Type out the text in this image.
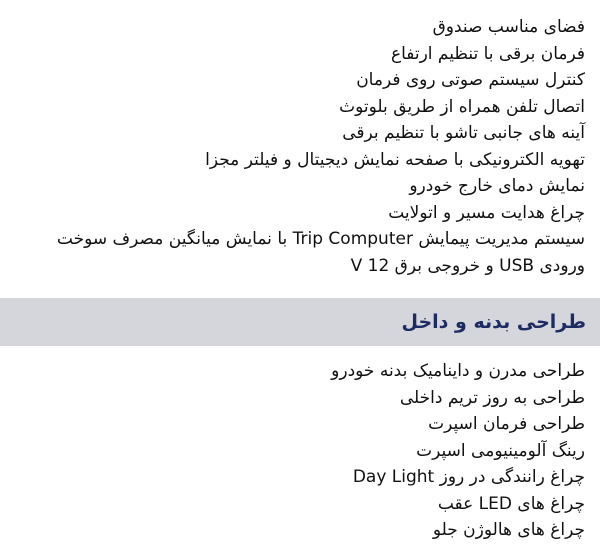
فضای مناسب صندوق
فرمان برقی با تنظیم ارتفاع
کنترل سیستم صوتی روی فرمان
اتصال تلفن همراه از طریق بلوتوث
آینه های جانبی تاشو با تنظیم برقی
تهویه الکترونیکی با صفحه نمایش دیجیتال و فیلتر مجزا
نمایش دمای خارج خودرو
چراغ هدایت مسیر و اتولایت
سیستم مدیریت پیمایش Trip Computer با نمایش میانگین مصرف سوخت
ورودی USB و خروجی برق 12 V
طراحی بدنه و داخل
طراحی مدرن و داینامیک بدنه خودرو
طراحی به روز تریم داخلی
طراحی فرمان اسپرت
رینگ آلومینیومی اسپرت
چراغ رانندگی در روز Day Light
چراغ های LED عقب
چراغ های هالوژن جلو
